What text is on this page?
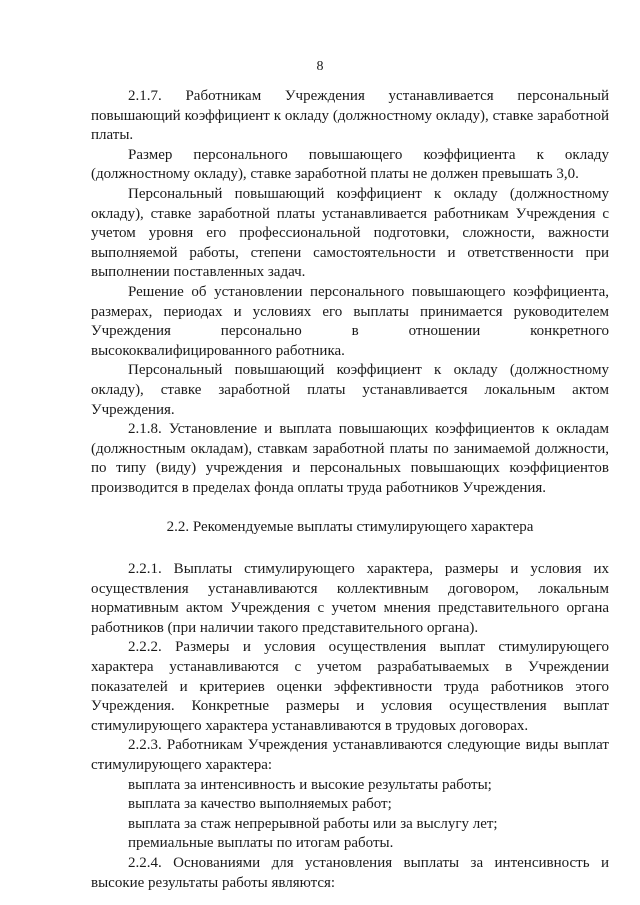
8

2.1.7. Работникам Учреждения устанавливается персональный повышающий коэффициент к окладу (должностному окладу), ставке заработной платы.

Размер персонального повышающего коэффициента к окладу (должностному окладу), ставке заработной платы не должен превышать 3,0.

Персональный повышающий коэффициент к окладу (должностному окладу), ставке заработной платы устанавливается работникам Учреждения с учетом уровня его профессиональной подготовки, сложности, важности выполняемой работы, степени самостоятельности и ответственности при выполнении поставленных задач.

Решение об установлении персонального повышающего коэффициента, размерах, периодах и условиях его выплаты принимается руководителем Учреждения персонально в отношении конкретного высококвалифицированного работника.

Персональный повышающий коэффициент к окладу (должностному окладу), ставке заработной платы устанавливается локальным актом Учреждения.

2.1.8. Установление и выплата повышающих коэффициентов к окладам (должностным окладам), ставкам заработной платы по занимаемой должности, по типу (виду) учреждения и персональных повышающих коэффициентов производится в пределах фонда оплаты труда работников Учреждения.

2.2. Рекомендуемые выплаты стимулирующего характера

2.2.1. Выплаты стимулирующего характера, размеры и условия их осуществления устанавливаются коллективным договором, локальным нормативным актом Учреждения с учетом мнения представительного органа работников (при наличии такого представительного органа).

2.2.2. Размеры и условия осуществления выплат стимулирующего характера устанавливаются с учетом разрабатываемых в Учреждении показателей и критериев оценки эффективности труда работников этого Учреждения. Конкретные размеры и условия осуществления выплат стимулирующего характера устанавливаются в трудовых договорах.

2.2.3. Работникам Учреждения устанавливаются следующие виды выплат стимулирующего характера:

выплата за интенсивность и высокие результаты работы;

выплата за качество выполняемых работ;

выплата за стаж непрерывной работы или за выслугу лет;

премиальные выплаты по итогам работы.

2.2.4. Основаниями для установления выплаты за интенсивность и высокие результаты работы являются:
